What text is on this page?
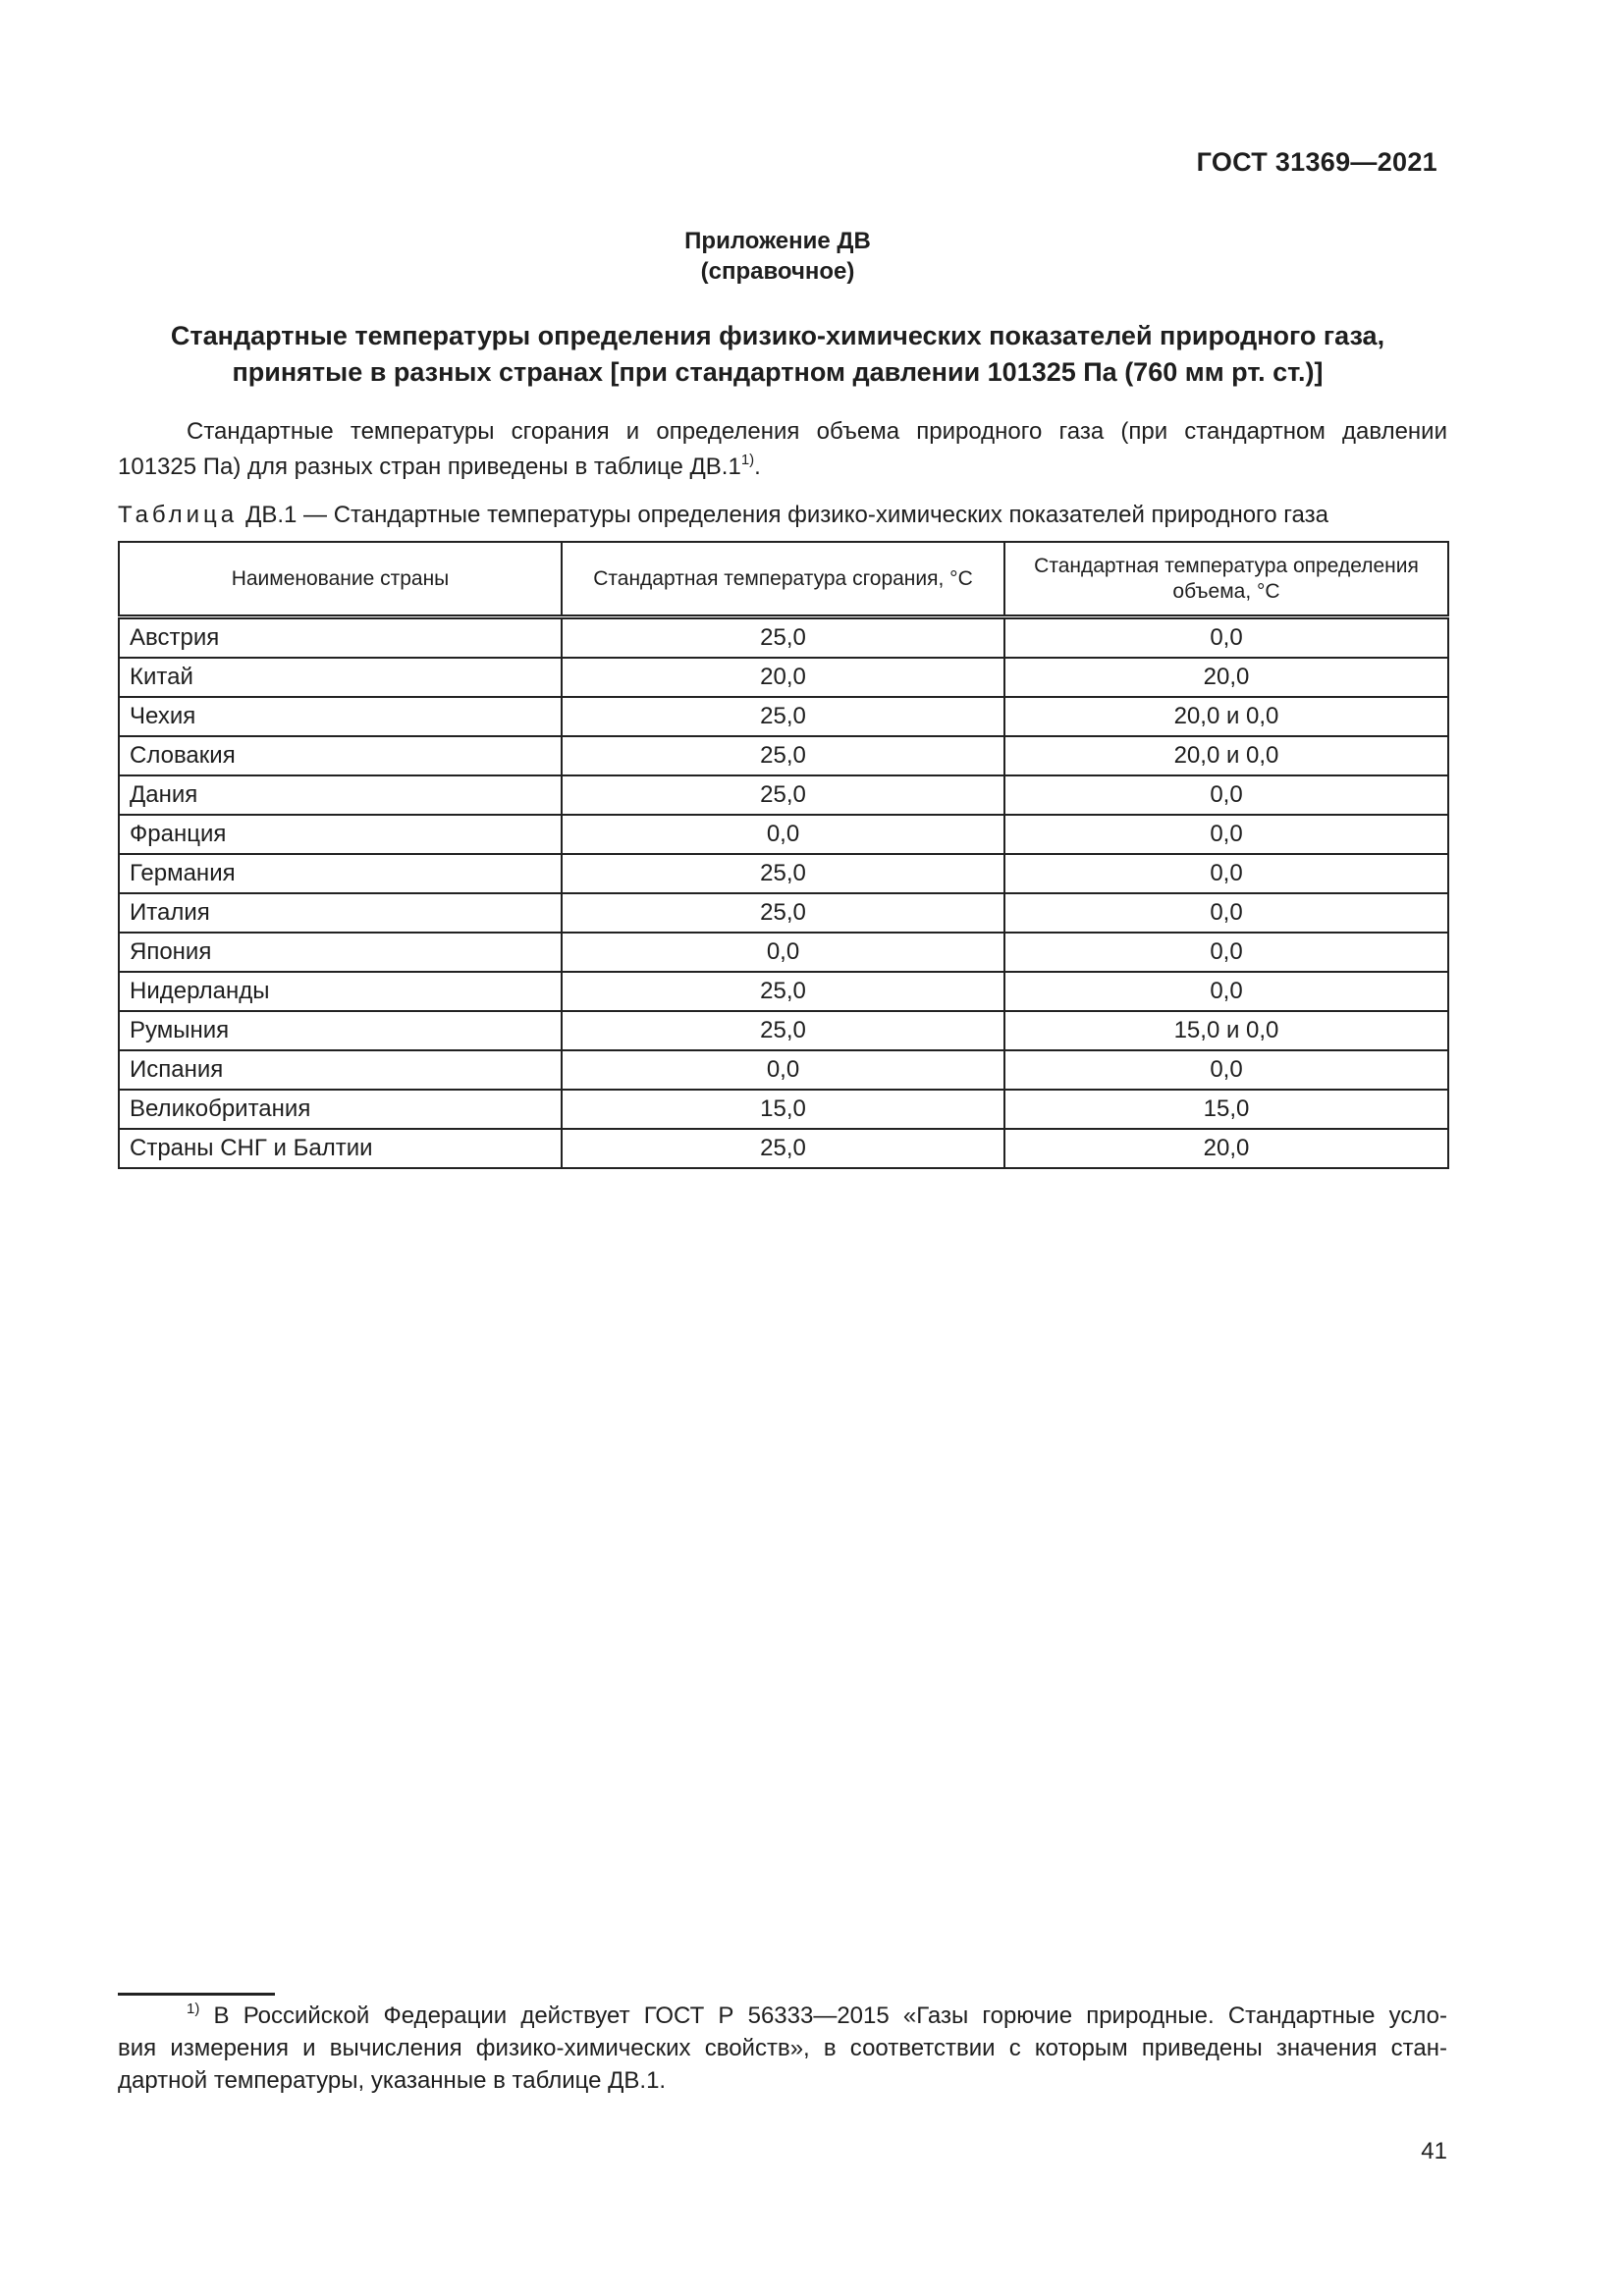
ГОСТ 31369—2021
Приложение ДВ
(справочное)
Стандартные температуры определения физико-химических показателей природного газа,
принятые в разных странах [при стандартном давлении 101325 Па (760 мм рт. ст.)]
Стандартные температуры сгорания и определения объема природного газа (при стандартном давлении
101325 Па) для разных стран приведены в таблице ДВ.1$^{1)}$.
Таблица ДВ.1 — Стандартные температуры определения физико-химических показателей природного газа
Наименование страны	Стандартная температура сгорания, °С	Стандартная температура определения объема, °С
Австрия	25,0	0,0
Китай	20,0	20,0
Чехия	25,0	20,0 и 0,0
Словакия	25,0	20,0 и 0,0
Дания	25,0	0,0
Франция	0,0	0,0
Германия	25,0	0,0
Италия	25,0	0,0
Япония	0,0	0,0
Нидерланды	25,0	0,0
Румыния	25,0	15,0 и 0,0
Испания	0,0	0,0
Великобритания	15,0	15,0
Страны СНГ и Балтии	25,0	20,0
$^{1)}$ В Российской Федерации действует ГОСТ Р 56333—2015 «Газы горючие природные. Стандартные усло-
вия измерения и вычисления физико-химических свойств», в соответствии с которым приведены значения стан-
дартной температуры, указанные в таблице ДВ.1.
41
